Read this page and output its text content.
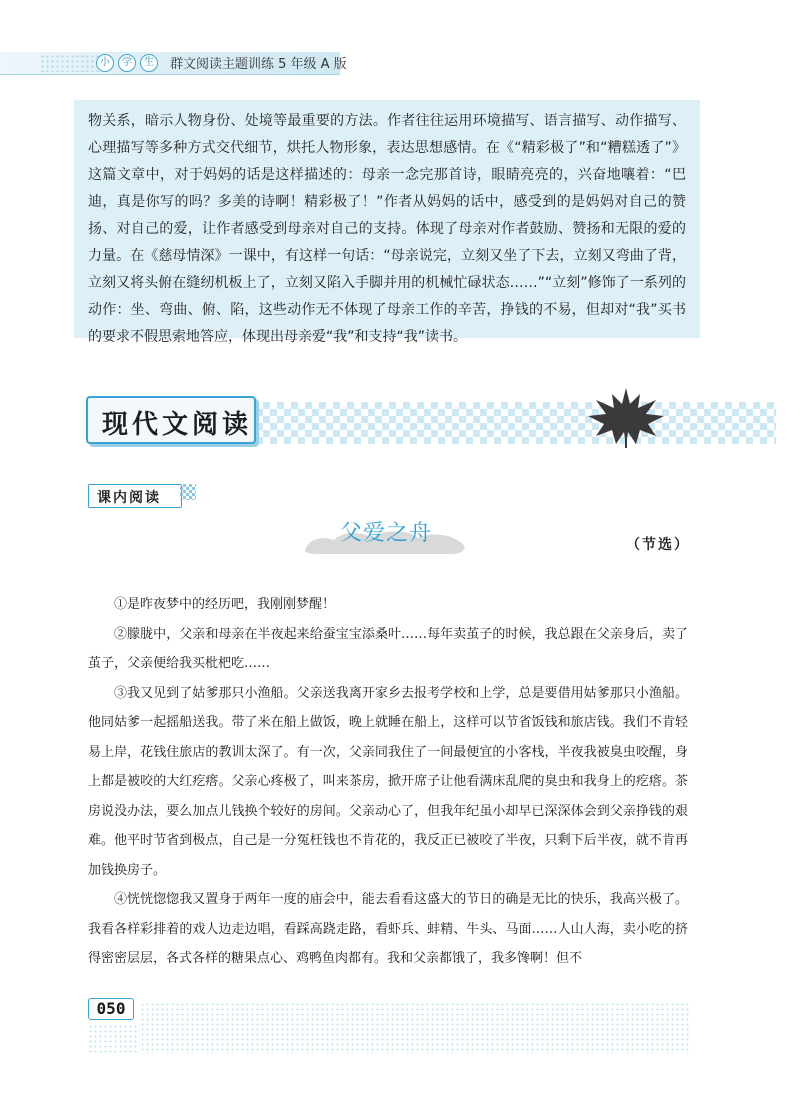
小	学	生	群文阅读主题训练 5 年级 A 版

物关系，暗示人物身份、处境等最重要的方法。作者往往运用环境描写、语言描写、动作描写、心理描写等多种方式交代细节，烘托人物形象，表达思想感情。在《“精彩极了”和“糟糕透了”》这篇文章中，对于妈妈的话是这样描述的：母亲一念完那首诗，眼睛亮亮的，兴奋地嚷着：“巴迪，真是你写的吗？多美的诗啊！精彩极了！”作者从妈妈的话中，感受到的是妈妈对自己的赞扬、对自己的爱，让作者感受到母亲对自己的支持。体现了母亲对作者鼓励、赞扬和无限的爱的力量。在《慈母情深》一课中，有这样一句话：“母亲说完，立刻又坐了下去，立刻又弯曲了背，立刻又将头俯在缝纫机板上了，立刻又陷入手脚并用的机械忙碌状态……”“立刻”修饰了一系列的动作：坐、弯曲、俯、陷，这些动作无不体现了母亲工作的辛苦，挣钱的不易，但却对“我”买书的要求不假思索地答应，体现出母亲爱“我”和支持“我”读书。

现代文阅读
课内阅读
父爱之舟	（节选）

①是昨夜梦中的经历吧，我刚刚梦醒！

②朦胧中，父亲和母亲在半夜起来给蚕宝宝添桑叶……每年卖茧子的时候，我总跟在父亲身后，卖了茧子，父亲便给我买枇杷吃……

③我又见到了姑爹那只小渔船。父亲送我离开家乡去报考学校和上学，总是要借用姑爹那只小渔船。他同姑爹一起摇船送我。带了米在船上做饭，晚上就睡在船上，这样可以节省饭钱和旅店钱。我们不肯轻易上岸，花钱住旅店的教训太深了。有一次，父亲同我住了一间最便宜的小客栈，半夜我被臭虫咬醒，身上都是被咬的大红疙瘩。父亲心疼极了，叫来茶房，掀开席子让他看满床乱爬的臭虫和我身上的疙瘩。茶房说没办法，要么加点儿钱换个较好的房间。父亲动心了，但我年纪虽小却早已深深体会到父亲挣钱的艰难。他平时节省到极点，自己是一分冤枉钱也不肯花的，我反正已被咬了半夜，只剩下后半夜，就不肯再加钱换房子。

④恍恍惚惚我又置身于两年一度的庙会中，能去看看这盛大的节日的确是无比的快乐，我高兴极了。我看各样彩排着的戏人边走边唱，看踩高跷走路，看虾兵、蚌精、牛头、马面……人山人海，卖小吃的挤得密密层层，各式各样的糖果点心、鸡鸭鱼肉都有。我和父亲都饿了，我多馋啊！但不

050
